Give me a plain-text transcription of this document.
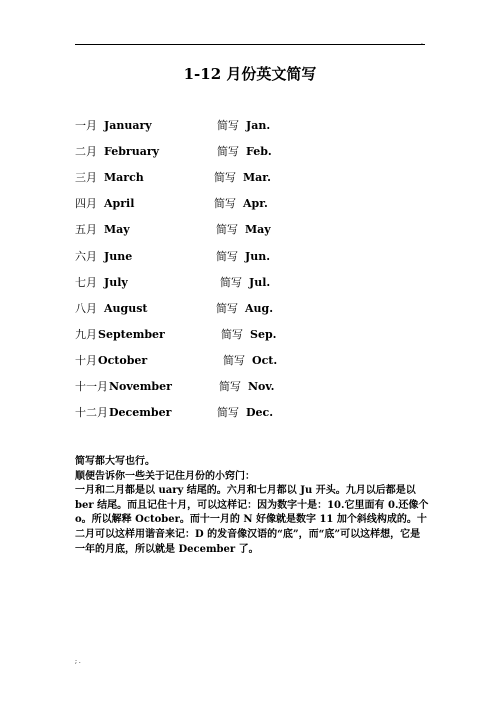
.
1-12 月份英文简写
一月 January	简写 Jan.
二月 February	简写 Feb.
三月 March	简写 Mar.
四月 April	简写 Apr.
五月 May	简写 May
六月 June	简写 Jun.
七月 July	简写 Jul.
八月 August	简写 Aug.
九月September	简写 Sep.
十月October	简写 Oct.
十一月November	简写 Nov.
十二月December	简写 Dec.

简写都大写也行。

顺便告诉你一些关于记住月份的小窍门：

一月和二月都是以 uary 结尾的。六月和七月都以 Ju 开头。九月以后都是以 ber 结尾。而且记住十月，可以这样记：因为数字十是：10.它里面有 0.还像个 o。所以解释 October。而十一月的 N 好像就是数字 11 加个斜线构成的。十二月可以这样用谐音来记：D 的发音像汉语的“底”，而“底”可以这样想，它是一年的月底，所以就是 December 了。

; .
